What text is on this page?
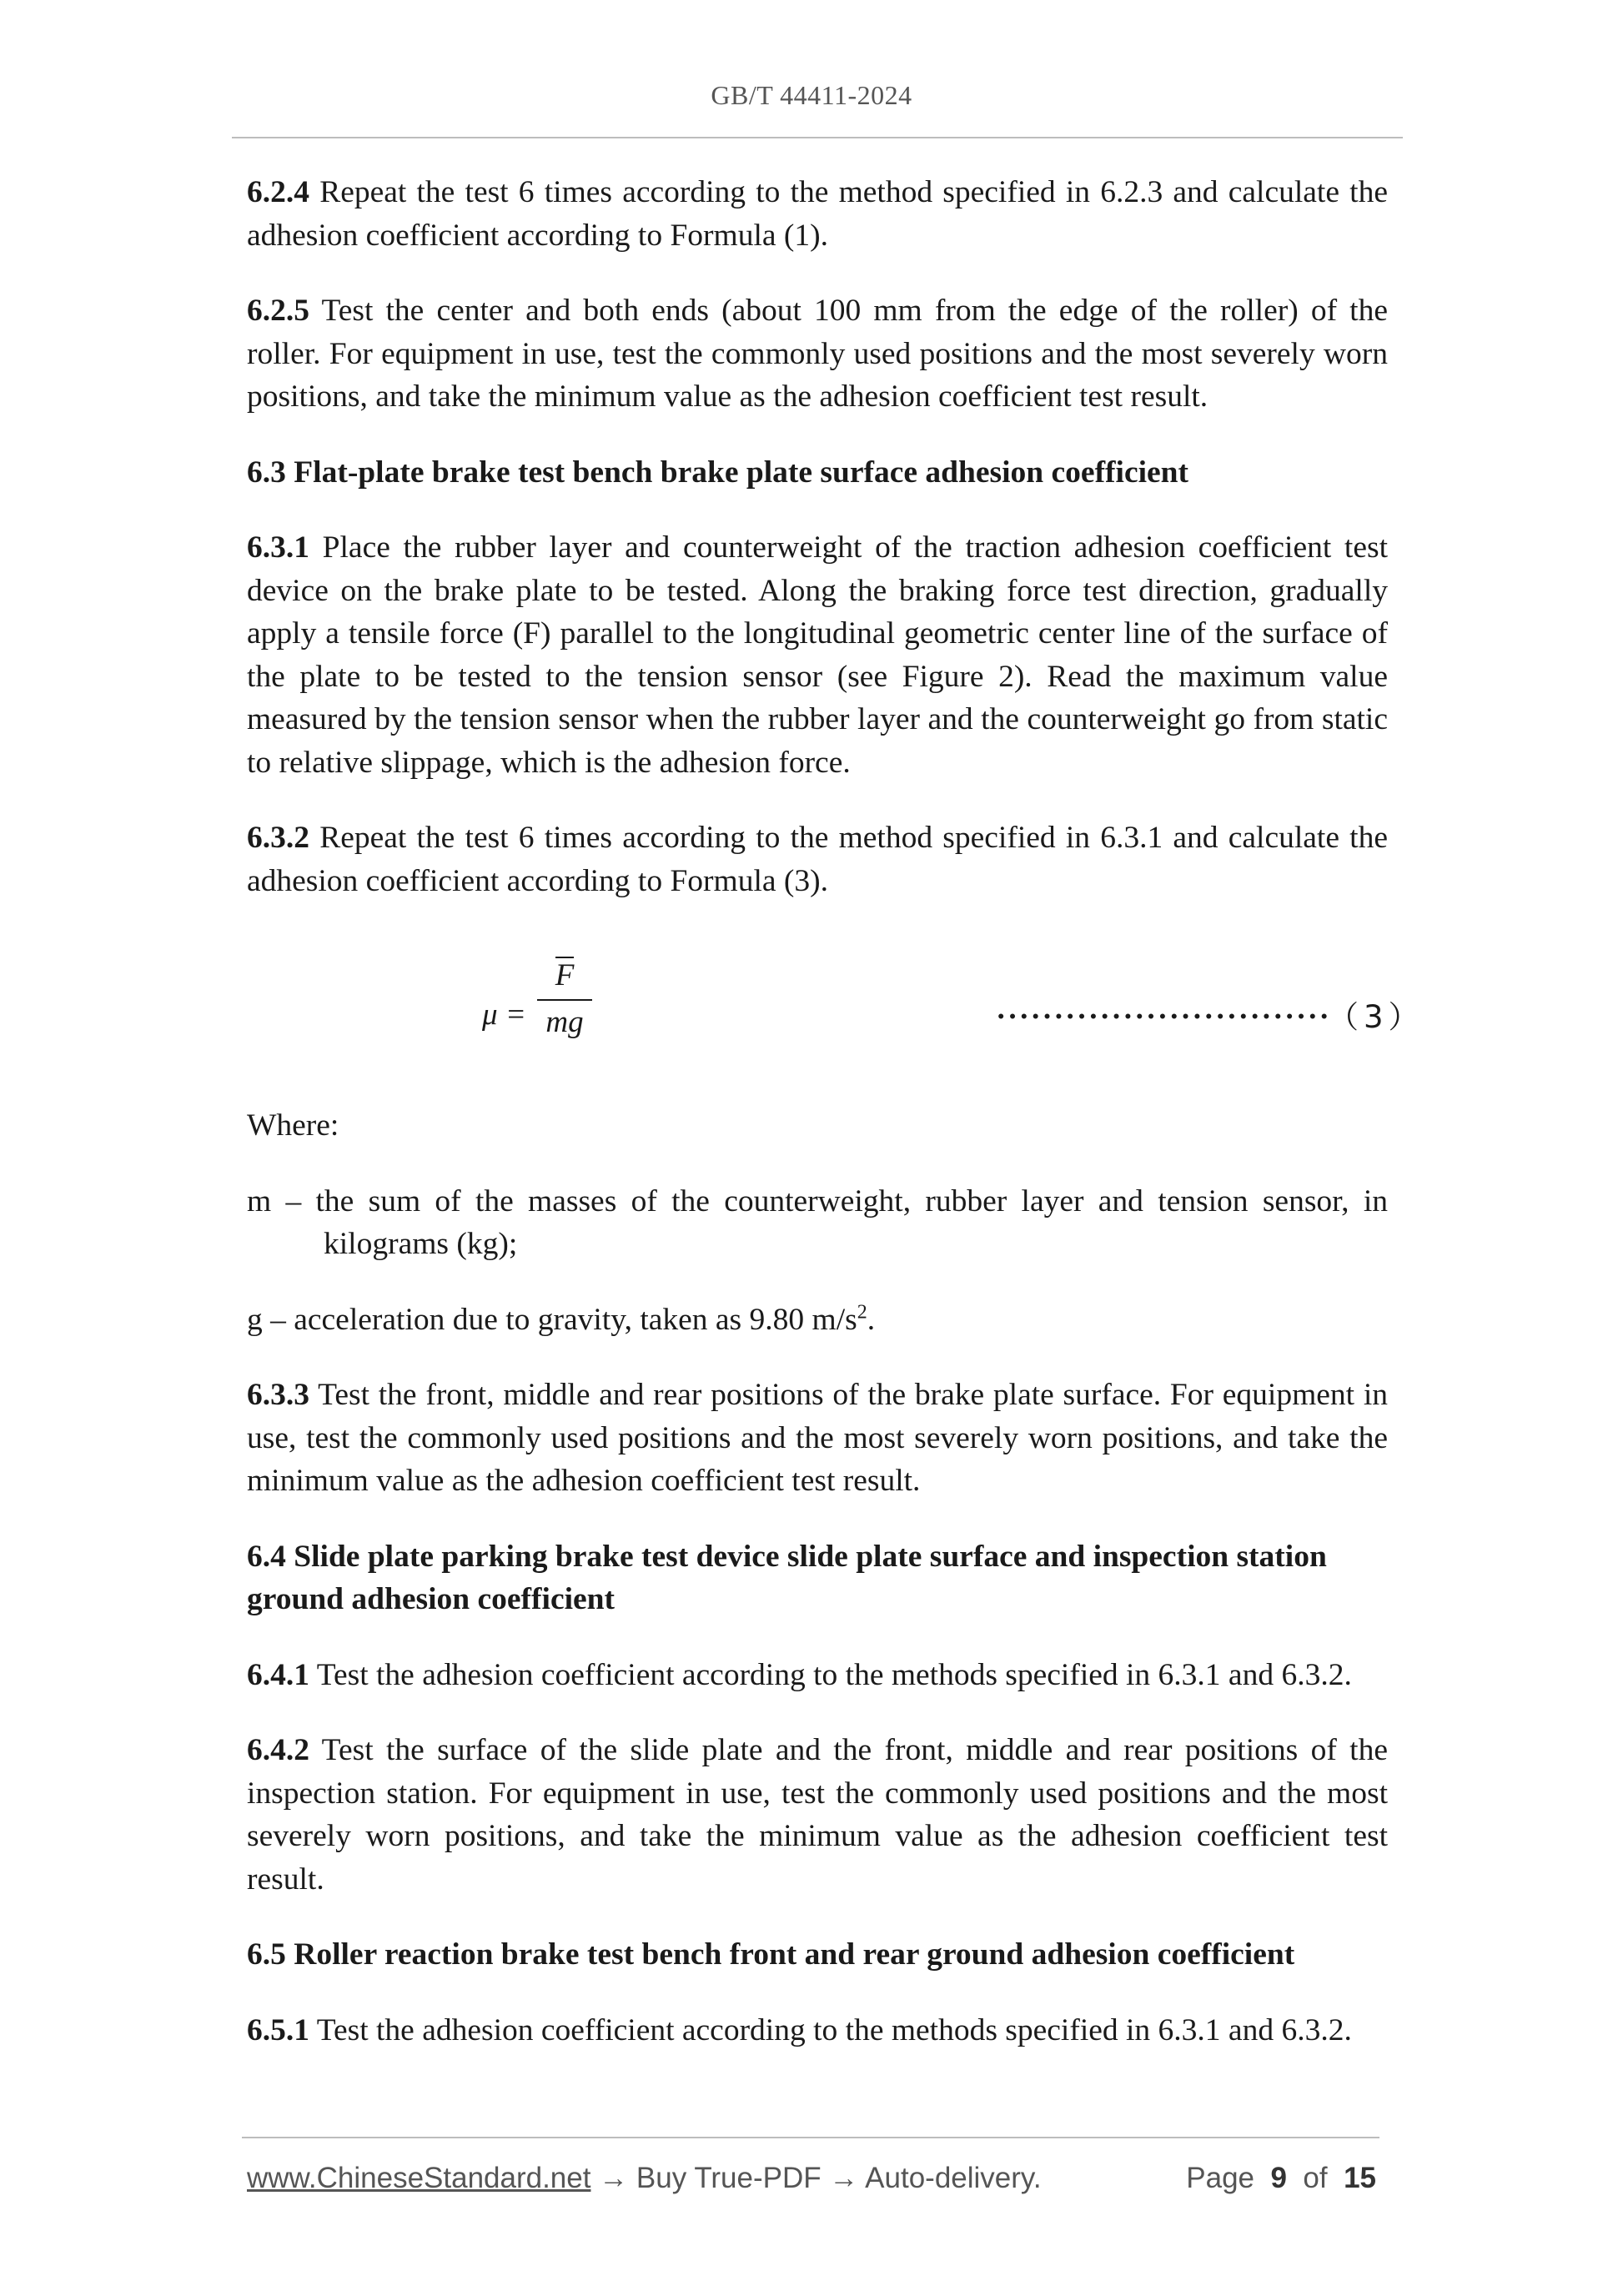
GB/T 44411-2024

6.2.4 Repeat the test 6 times according to the method specified in 6.2.3 and calculate the adhesion coefficient according to Formula (1).

6.2.5 Test the center and both ends (about 100 mm from the edge of the roller) of the roller. For equipment in use, test the commonly used positions and the most severely worn positions, and take the minimum value as the adhesion coefficient test result.

6.3 Flat-plate brake test bench brake plate surface adhesion coefficient

6.3.1 Place the rubber layer and counterweight of the traction adhesion coefficient test device on the brake plate to be tested. Along the braking force test direction, gradually apply a tensile force (F) parallel to the longitudinal geometric center line of the surface of the plate to be tested to the tension sensor (see Figure 2). Read the maximum value measured by the tension sensor when the rubber layer and the counterweight go from static to relative slippage, which is the adhesion force.

6.3.2 Repeat the test 6 times according to the method specified in 6.3.1 and calculate the adhesion coefficient according to Formula (3).

μ =
F
mg	·····························
（3）

Where:

m – the sum of the masses of the counterweight, rubber layer and tension sensor, in kilograms (kg);

g – acceleration due to gravity, taken as 9.80 $m/s^2$.

6.3.3 Test the front, middle and rear positions of the brake plate surface. For equipment in use, test the commonly used positions and the most severely worn positions, and take the minimum value as the adhesion coefficient test result.

6.4 Slide plate parking brake test device slide plate surface and inspection station ground adhesion coefficient

6.4.1 Test the adhesion coefficient according to the methods specified in 6.3.1 and 6.3.2.

6.4.2 Test the surface of the slide plate and the front, middle and rear positions of the inspection station. For equipment in use, test the commonly used positions and the most severely worn positions, and take the minimum value as the adhesion coefficient test result.

6.5 Roller reaction brake test bench front and rear ground adhesion coefficient

6.5.1 Test the adhesion coefficient according to the methods specified in 6.3.1 and 6.3.2.

www.ChineseStandard.net → Buy True-PDF → Auto-delivery.	Page 9 of 15
